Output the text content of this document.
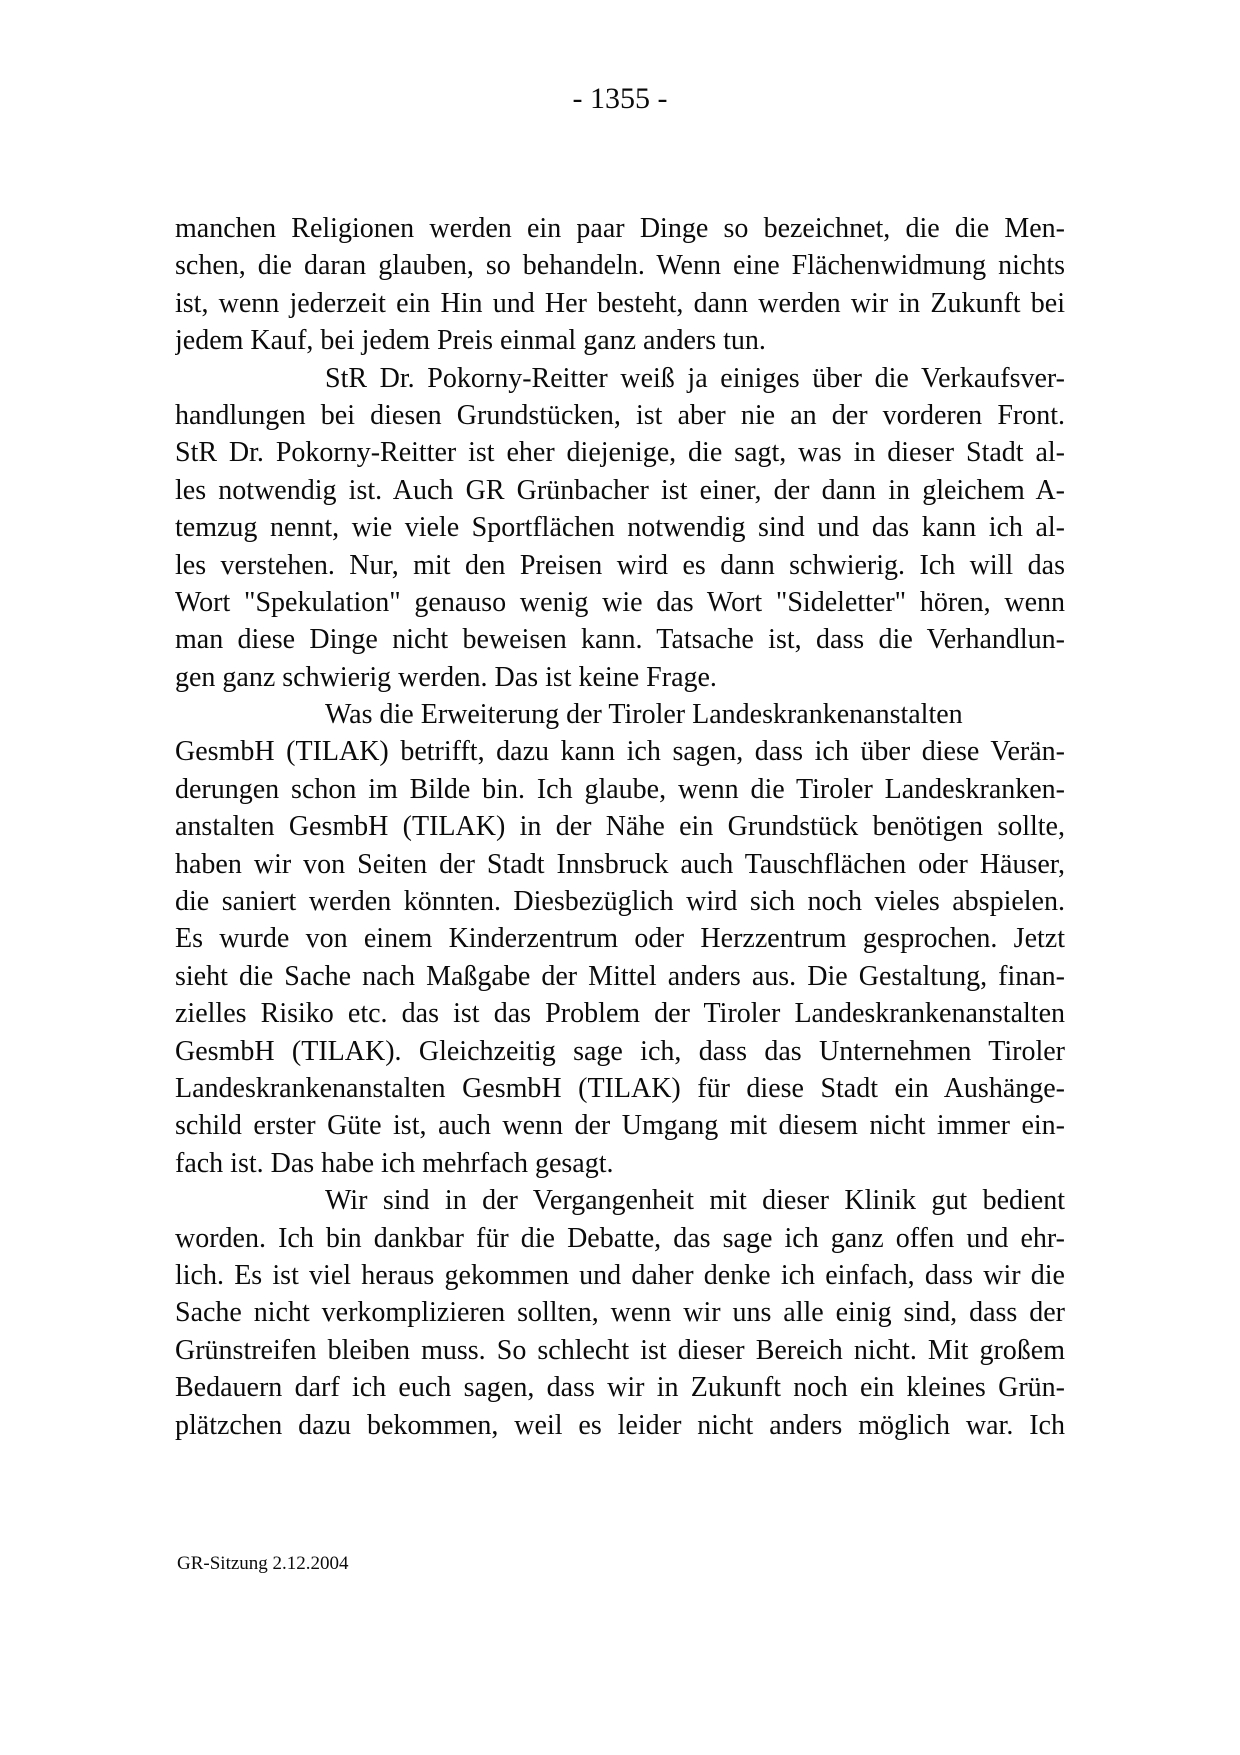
- 1355 -
manchen Religionen werden ein paar Dinge so bezeichnet, die die Men-
schen, die daran glauben, so behandeln. Wenn eine Flächenwidmung nichts
ist, wenn jederzeit ein Hin und Her besteht, dann werden wir in Zukunft bei
jedem Kauf, bei jedem Preis einmal ganz anders tun.
StR Dr. Pokorny-Reitter weiß ja einiges über die Verkaufsver-
handlungen bei diesen Grundstücken, ist aber nie an der vorderen Front.
StR Dr. Pokorny-Reitter ist eher diejenige, die sagt, was in dieser Stadt al-
les notwendig ist. Auch GR Grünbacher ist einer, der dann in gleichem A-
temzug nennt, wie viele Sportflächen notwendig sind und das kann ich al-
les verstehen. Nur, mit den Preisen wird es dann schwierig. Ich will das
Wort "Spekulation" genauso wenig wie das Wort "Sideletter" hören, wenn
man diese Dinge nicht beweisen kann. Tatsache ist, dass die Verhandlun-
gen ganz schwierig werden. Das ist keine Frage.
Was die Erweiterung der Tiroler Landeskrankenanstalten
GesmbH (TILAK) betrifft, dazu kann ich sagen, dass ich über diese Verän-
derungen schon im Bilde bin. Ich glaube, wenn die Tiroler Landeskranken-
anstalten GesmbH (TILAK) in der Nähe ein Grundstück benötigen sollte,
haben wir von Seiten der Stadt Innsbruck auch Tauschflächen oder Häuser,
die saniert werden könnten. Diesbezüglich wird sich noch vieles abspielen.
Es wurde von einem Kinderzentrum oder Herzzentrum gesprochen. Jetzt
sieht die Sache nach Maßgabe der Mittel anders aus. Die Gestaltung, finan-
zielles Risiko etc. das ist das Problem der Tiroler Landeskrankenanstalten
GesmbH (TILAK). Gleichzeitig sage ich, dass das Unternehmen Tiroler
Landeskrankenanstalten GesmbH (TILAK) für diese Stadt ein Aushänge-
schild erster Güte ist, auch wenn der Umgang mit diesem nicht immer ein-
fach ist. Das habe ich mehrfach gesagt.
Wir sind in der Vergangenheit mit dieser Klinik gut bedient
worden. Ich bin dankbar für die Debatte, das sage ich ganz offen und ehr-
lich. Es ist viel heraus gekommen und daher denke ich einfach, dass wir die
Sache nicht verkomplizieren sollten, wenn wir uns alle einig sind, dass der
Grünstreifen bleiben muss. So schlecht ist dieser Bereich nicht. Mit großem
Bedauern darf ich euch sagen, dass wir in Zukunft noch ein kleines Grün-
plätzchen dazu bekommen, weil es leider nicht anders möglich war. Ich
GR-Sitzung 2.12.2004
